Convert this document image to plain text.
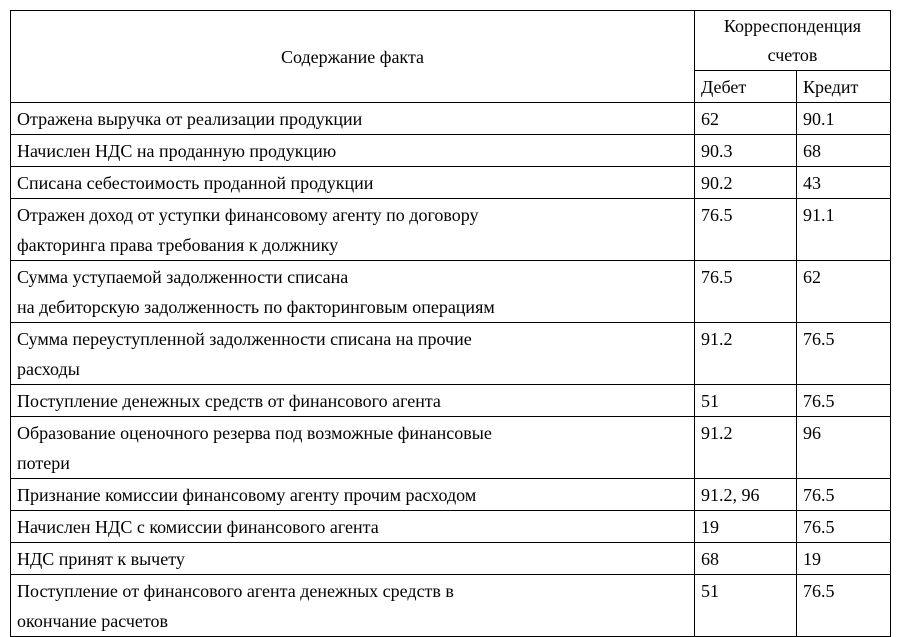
Содержание факта	Корреспонденция счетов	
	Дебет	Кредит

Отражена выручка от реализации продукции	62	90.1

Начислен НДС на проданную продукцию	90.3	68

Списана себестоимость проданной продукции	90.2	43

Отражен доход от уступки финансовому агенту по договору
факторинга права требования к должнику	76.5	91.1

Сумма уступаемой задолженности списана
на дебиторскую задолженность по факторинговым операциям	76.5	62

Сумма переуступленной задолженности списана на прочие
расходы	91.2	76.5

Поступление денежных средств от финансового агента	51	76.5

Образование оценочного резерва под возможные финансовые
потери	91.2	96

Признание комиссии финансовому агенту прочим расходом	91.2, 96	76.5

Начислен НДС с комиссии финансового агента	19	76.5

НДС принят к вычету	68	19

Поступление от финансового агента денежных средств в
окончание расчетов	51	76.5
